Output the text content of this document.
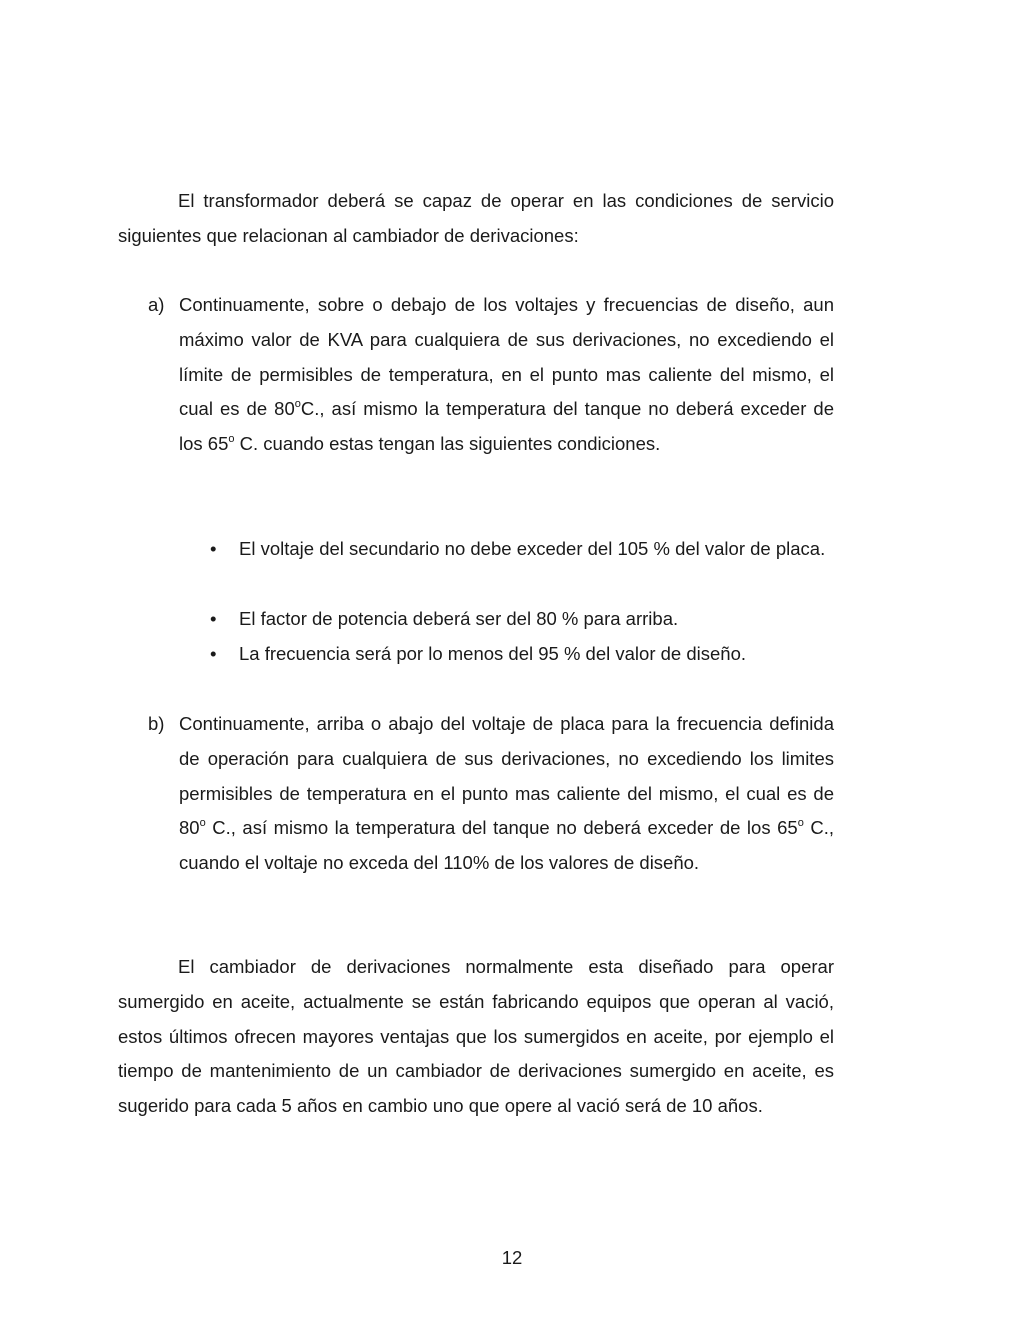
El transformador deberá se capaz de operar en las condiciones de servicio siguientes que relacionan al cambiador de derivaciones:

a) Continuamente, sobre o debajo de los voltajes y frecuencias de diseño, aun máximo valor de KVA para cualquiera de sus derivaciones, no excediendo el límite de permisibles de temperatura, en el punto mas caliente del mismo, el cual es de 80$^o$C., así mismo la temperatura del tanque no deberá exceder de los 65$^o$ C. cuando estas tengan las siguientes condiciones.

• El voltaje del secundario no debe exceder del 105 % del valor de placa.

• El factor de potencia deberá ser del 80 % para arriba.

• La frecuencia será por lo menos del 95 % del valor de diseño.

b) Continuamente, arriba o abajo del voltaje de placa para la frecuencia definida de operación para cualquiera de sus derivaciones, no excediendo los limites permisibles de temperatura en el punto mas caliente del mismo, el cual es de 80$^o$ C., así mismo la temperatura del tanque no deberá exceder de los 65$^o$ C., cuando el voltaje no exceda del 110% de los valores de diseño.

El cambiador de derivaciones normalmente esta diseñado para operar sumergido en aceite, actualmente se están fabricando equipos que operan al vació, estos últimos ofrecen mayores ventajas que los sumergidos en aceite, por ejemplo el tiempo de mantenimiento de un cambiador de derivaciones sumergido en aceite, es sugerido para cada 5 años en cambio uno que opere al vació será de 10 años.

12
